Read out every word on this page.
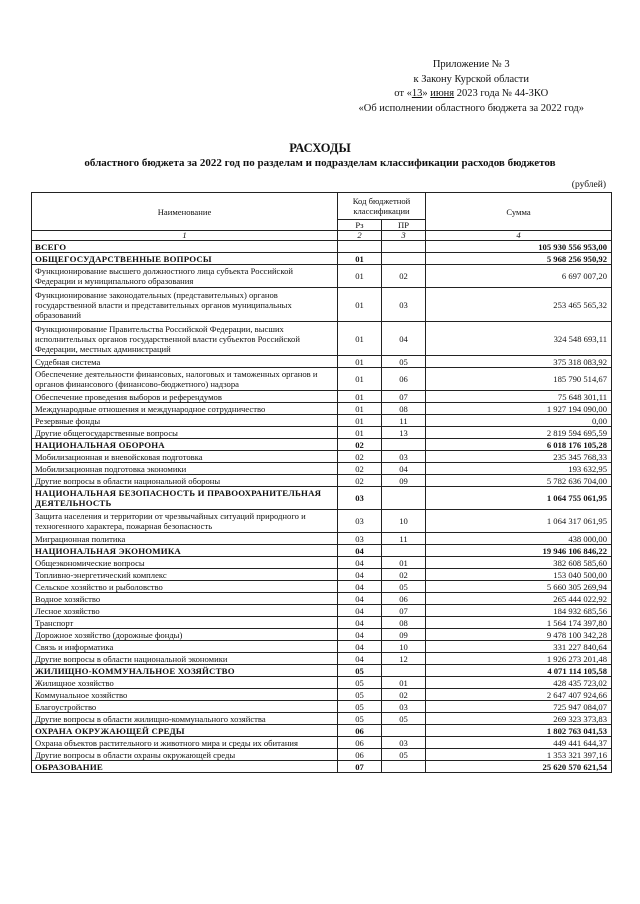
Приложение № 3
к Закону Курской области
от «13» июня 2023 года № 44-ЗКО
«Об исполнении областного бюджета за 2022 год»
РАСХОДЫ
областного бюджета за 2022 год по разделам и подразделам классификации расходов бюджетов
(рублей)
Наименование	Код бюджетной классификации		Сумма
	Рз	ПР	
1	2	3	4
ВСЕГО			105 930 556 953,00
ОБЩЕГОСУДАРСТВЕННЫЕ ВОПРОСЫ	01		5 968 256 950,92
Функционирование высшего должностного лица субъекта Российской Федерации и муниципального образования	01	02	6 697 007,20
Функционирование законодательных (представительных) органов государственной власти и представительных органов муниципальных образований	01	03	253 465 565,32
Функционирование Правительства Российской Федерации, высших исполнительных органов государственной власти субъектов Российской Федерации, местных администраций	01	04	324 548 693,11
Судебная система	01	05	375 318 083,92
Обеспечение деятельности финансовых, налоговых и таможенных органов и органов финансового (финансово-бюджетного) надзора	01	06	185 790 514,67
Обеспечение проведения выборов и референдумов	01	07	75 648 301,11
Международные отношения и международное сотрудничество	01	08	1 927 194 090,00
Резервные фонды	01	11	0,00
Другие общегосударственные вопросы	01	13	2 819 594 695,59
НАЦИОНАЛЬНАЯ ОБОРОНА	02		6 018 176 105,28
Мобилизационная и вневойсковая подготовка	02	03	235 345 768,33
Мобилизационная подготовка экономики	02	04	193 632,95
Другие вопросы в области национальной обороны	02	09	5 782 636 704,00
НАЦИОНАЛЬНАЯ БЕЗОПАСНОСТЬ И ПРАВООХРАНИТЕЛЬНАЯ ДЕЯТЕЛЬНОСТЬ	03		1 064 755 061,95
Защита населения и территории от чрезвычайных ситуаций природного и техногенного характера, пожарная безопасность	03	10	1 064 317 061,95
Миграционная политика	03	11	438 000,00
НАЦИОНАЛЬНАЯ ЭКОНОМИКА	04		19 946 106 846,22
Общеэкономические вопросы	04	01	382 608 585,60
Топливно-энергетический комплекс	04	02	153 040 500,00
Сельское хозяйство и рыболовство	04	05	5 660 305 269,94
Водное хозяйство	04	06	265 444 022,92
Лесное хозяйство	04	07	184 932 685,56
Транспорт	04	08	1 564 174 397,80
Дорожное хозяйство (дорожные фонды)	04	09	9 478 100 342,28
Связь и информатика	04	10	331 227 840,64
Другие вопросы в области национальной экономики	04	12	1 926 273 201,48
ЖИЛИЩНО-КОММУНАЛЬНОЕ ХОЗЯЙСТВО	05		4 071 114 105,58
Жилищное хозяйство	05	01	428 435 723,02
Коммунальное хозяйство	05	02	2 647 407 924,66
Благоустройство	05	03	725 947 084,07
Другие вопросы в области жилищно-коммунального хозяйства	05	05	269 323 373,83
ОХРАНА ОКРУЖАЮЩЕЙ СРЕДЫ	06		1 802 763 041,53
Охрана объектов растительного и животного мира и среды их обитания	06	03	449 441 644,37
Другие вопросы в области охраны окружающей среды	06	05	1 353 321 397,16
ОБРАЗОВАНИЕ	07		25 620 570 621,54
